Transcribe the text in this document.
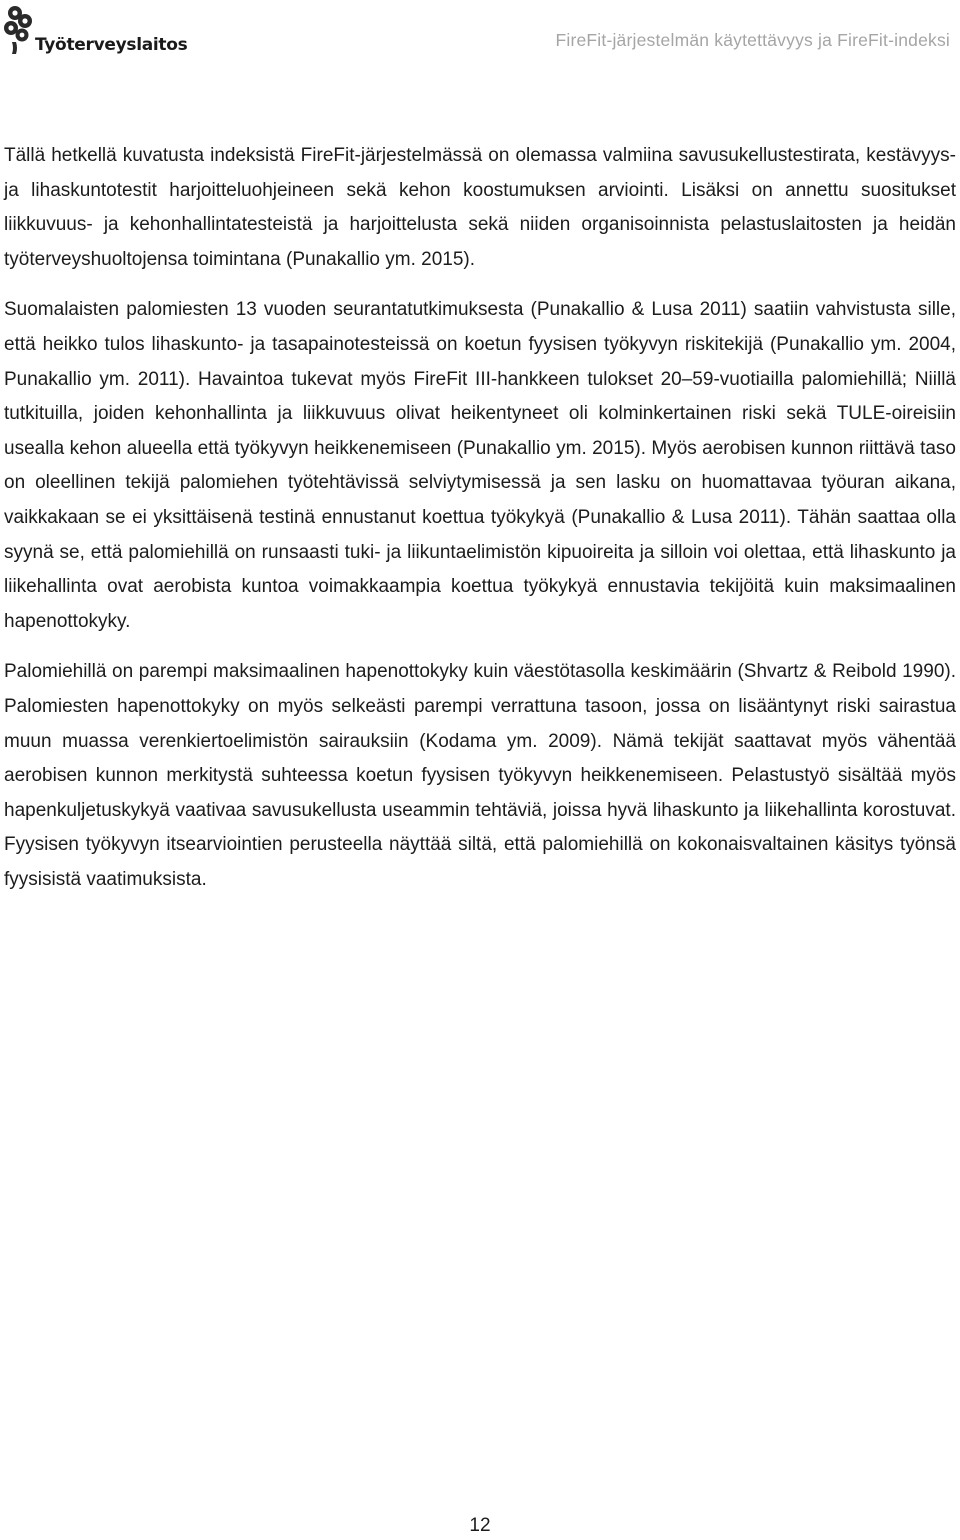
Työterveyslaitos	FireFit-järjestelmän käytettävyys ja FireFit-indeksi

Tällä hetkellä kuvatusta indeksistä FireFit-järjestelmässä on olemassa valmiina savusukellustestirata, kestävyys- ja lihaskuntotestit harjoitteluohjeineen sekä kehon koostumuksen arviointi. Lisäksi on annettu suositukset liikkuvuus- ja kehonhallintatesteistä ja harjoittelusta sekä niiden organisoinnista pelastuslaitosten ja heidän työterveyshuoltojensa toimintana (Punakallio ym. 2015).

Suomalaisten palomiesten 13 vuoden seurantatutkimuksesta (Punakallio & Lusa 2011) saatiin vahvistusta sille, että heikko tulos lihaskunto- ja tasapainotesteissä on koetun fyysisen työkyvyn riskitekijä (Punakallio ym. 2004, Punakallio ym. 2011). Havaintoa tukevat myös FireFit III-hankkeen tulokset 20–59-vuotiailla palomiehillä; Niillä tutkituilla, joiden kehonhallinta ja liikkuvuus olivat heikentyneet oli kolminkertainen riski sekä TULE-oireisiin usealla kehon alueella että työkyvyn heikkenemiseen (Punakallio ym. 2015). Myös aerobisen kunnon riittävä taso on oleellinen tekijä palomiehen työtehtävissä selviytymisessä ja sen lasku on huomattavaa työuran aikana, vaikkakaan se ei yksittäisenä testinä ennustanut koettua työkykyä (Punakallio & Lusa 2011). Tähän saattaa olla syynä se, että palomiehillä on runsaasti tuki- ja liikuntaelimistön kipuoireita ja silloin voi olettaa, että lihaskunto ja liikehallinta ovat aerobista kuntoa voimakkaampia koettua työkykyä ennustavia tekijöitä kuin maksimaalinen hapenottokyky.

Palomiehillä on parempi maksimaalinen hapenottokyky kuin väestötasolla keskimäärin (Shvartz & Reibold 1990). Palomiesten hapenottokyky on myös selkeästi parempi verrattuna tasoon, jossa on lisääntynyt riski sairastua muun muassa verenkiertoelimistön sairauksiin (Kodama ym. 2009). Nämä tekijät saattavat myös vähentää aerobisen kunnon merkitystä suhteessa koetun fyysisen työkyvyn heikkenemiseen. Pelastustyö sisältää myös hapenkuljetuskykyä vaativaa savusukellusta useammin tehtäviä, joissa hyvä lihaskunto ja liikehallinta korostuvat. Fyysisen työkyvyn itsearviointien perusteella näyttää siltä, että palomiehillä on kokonaisvaltainen käsitys työnsä fyysisistä vaatimuksista.

12
